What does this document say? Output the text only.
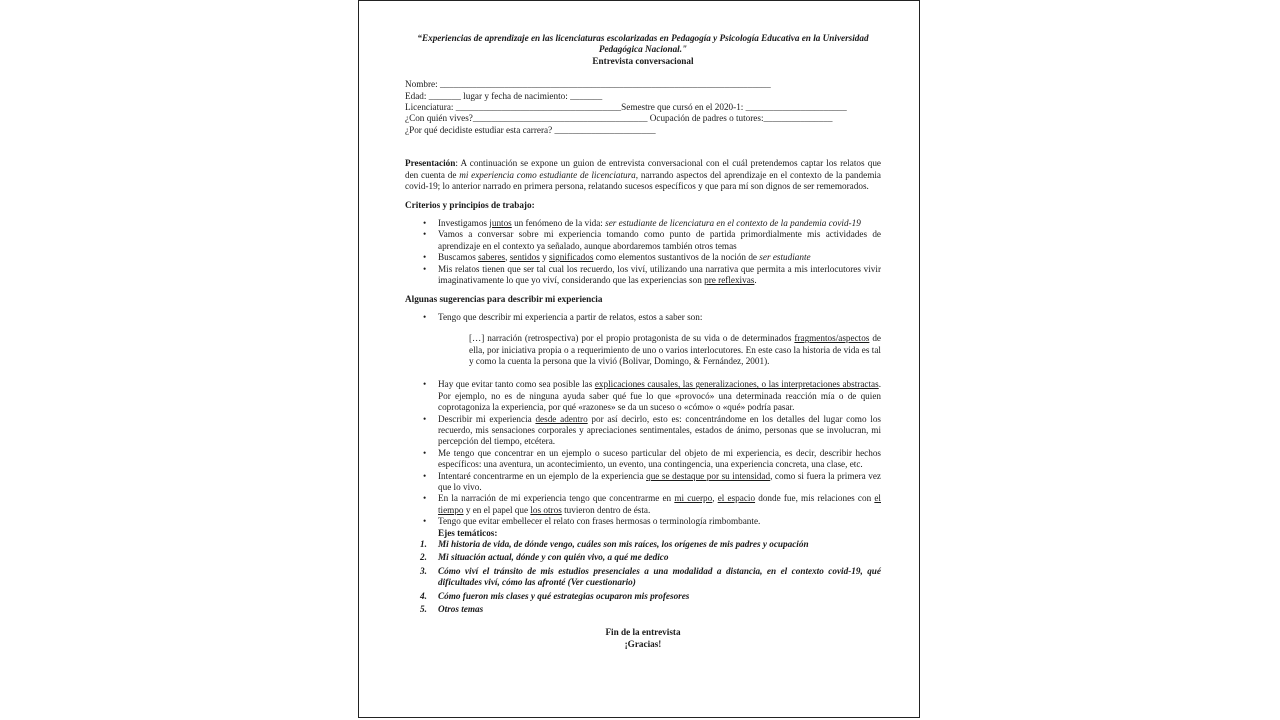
“Experiencias de aprendizaje en las licenciaturas escolarizadas en Pedagogía y Psicología Educativa en la Universidad Pedagógica Nacional."

Entrevista conversacional

Nombre: ________________________________________________________________________
Edad: _______ lugar y fecha de nacimiento: _______
Licenciatura: ____________________________________Semestre que cursó en el 2020-1: ______________________
¿Con quién vives?______________________________________ Ocupación de padres o tutores:_______________
¿Por qué decidiste estudiar esta carrera? ______________________

Presentación: A continuación se expone un guion de entrevista conversacional con el cuál pretendemos captar los relatos que den cuenta de mi experiencia como estudiante de licenciatura, narrando aspectos del aprendizaje en el contexto de la pandemia covid-19; lo anterior narrado en primera persona, relatando sucesos específicos y que para mí son dignos de ser rememorados.

Criterios y principios de trabajo:
• Investigamos juntos un fenómeno de la vida: ser estudiante de licenciatura en el contexto de la pandemia covid-19
• Vamos a conversar sobre mi experiencia tomando como punto de partida primordialmente mis actividades de aprendizaje en el contexto ya señalado, aunque abordaremos también otros temas
• Buscamos saberes, sentidos y significados como elementos sustantivos de la noción de ser estudiante
• Mis relatos tienen que ser tal cual los recuerdo, los viví, utilizando una narrativa que permita a mis interlocutores vivir imaginativamente lo que yo viví, considerando que las experiencias son pre reflexivas.
Algunas sugerencias para describir mi experiencia
• Tengo que describir mi experiencia a partir de relatos, estos a saber son:

[…] narración (retrospectiva) por el propio protagonista de su vida o de determinados fragmentos/aspectos de ella, por iniciativa propia o a requerimiento de uno o varios interlocutores. En este caso la historia de vida es tal y como la cuenta la persona que la vivió (Bolivar, Domingo, & Fernández, 2001).

• Hay que evitar tanto como sea posible las explicaciones causales, las generalizaciones, o las interpretaciones abstractas. Por ejemplo, no es de ninguna ayuda saber qué fue lo que «provocó» una determinada reacción mía o de quien coprotagoniza la experiencia, por qué «razones» se da un suceso o «cómo» o «qué» podría pasar.
• Describir mi experiencia desde adentro por así decirlo, esto es: concentrándome en los detalles del lugar como los recuerdo, mis sensaciones corporales y apreciaciones sentimentales, estados de ánimo, personas que se involucran, mi percepción del tiempo, etcétera.
• Me tengo que concentrar en un ejemplo o suceso particular del objeto de mi experiencia, es decir, describir hechos específicos: una aventura, un acontecimiento, un evento, una contingencia, una experiencia concreta, una clase, etc.
• Intentaré concentrarme en un ejemplo de la experiencia que se destaque por su intensidad, como si fuera la primera vez que lo vivo.
• En la narración de mi experiencia tengo que concentrarme en mi cuerpo, el espacio donde fue, mis relaciones con el tiempo y en el papel que los otros tuvieron dentro de ésta.
• Tengo que evitar embellecer el relato con frases hermosas o terminología rimbombante.
Ejes temáticos:
1. Mi historia de vida, de dónde vengo, cuáles son mis raíces, los orígenes de mis padres y ocupación
2. Mi situación actual, dónde y con quién vivo, a qué me dedico
3. Cómo viví el tránsito de mis estudios presenciales a una modalidad a distancia, en el contexto covid-19, qué dificultades viví, cómo las afronté (Ver cuestionario)
4. Cómo fueron mis clases y qué estrategias ocuparon mis profesores
5. Otros temas
Fin de la entrevista
¡Gracias!
